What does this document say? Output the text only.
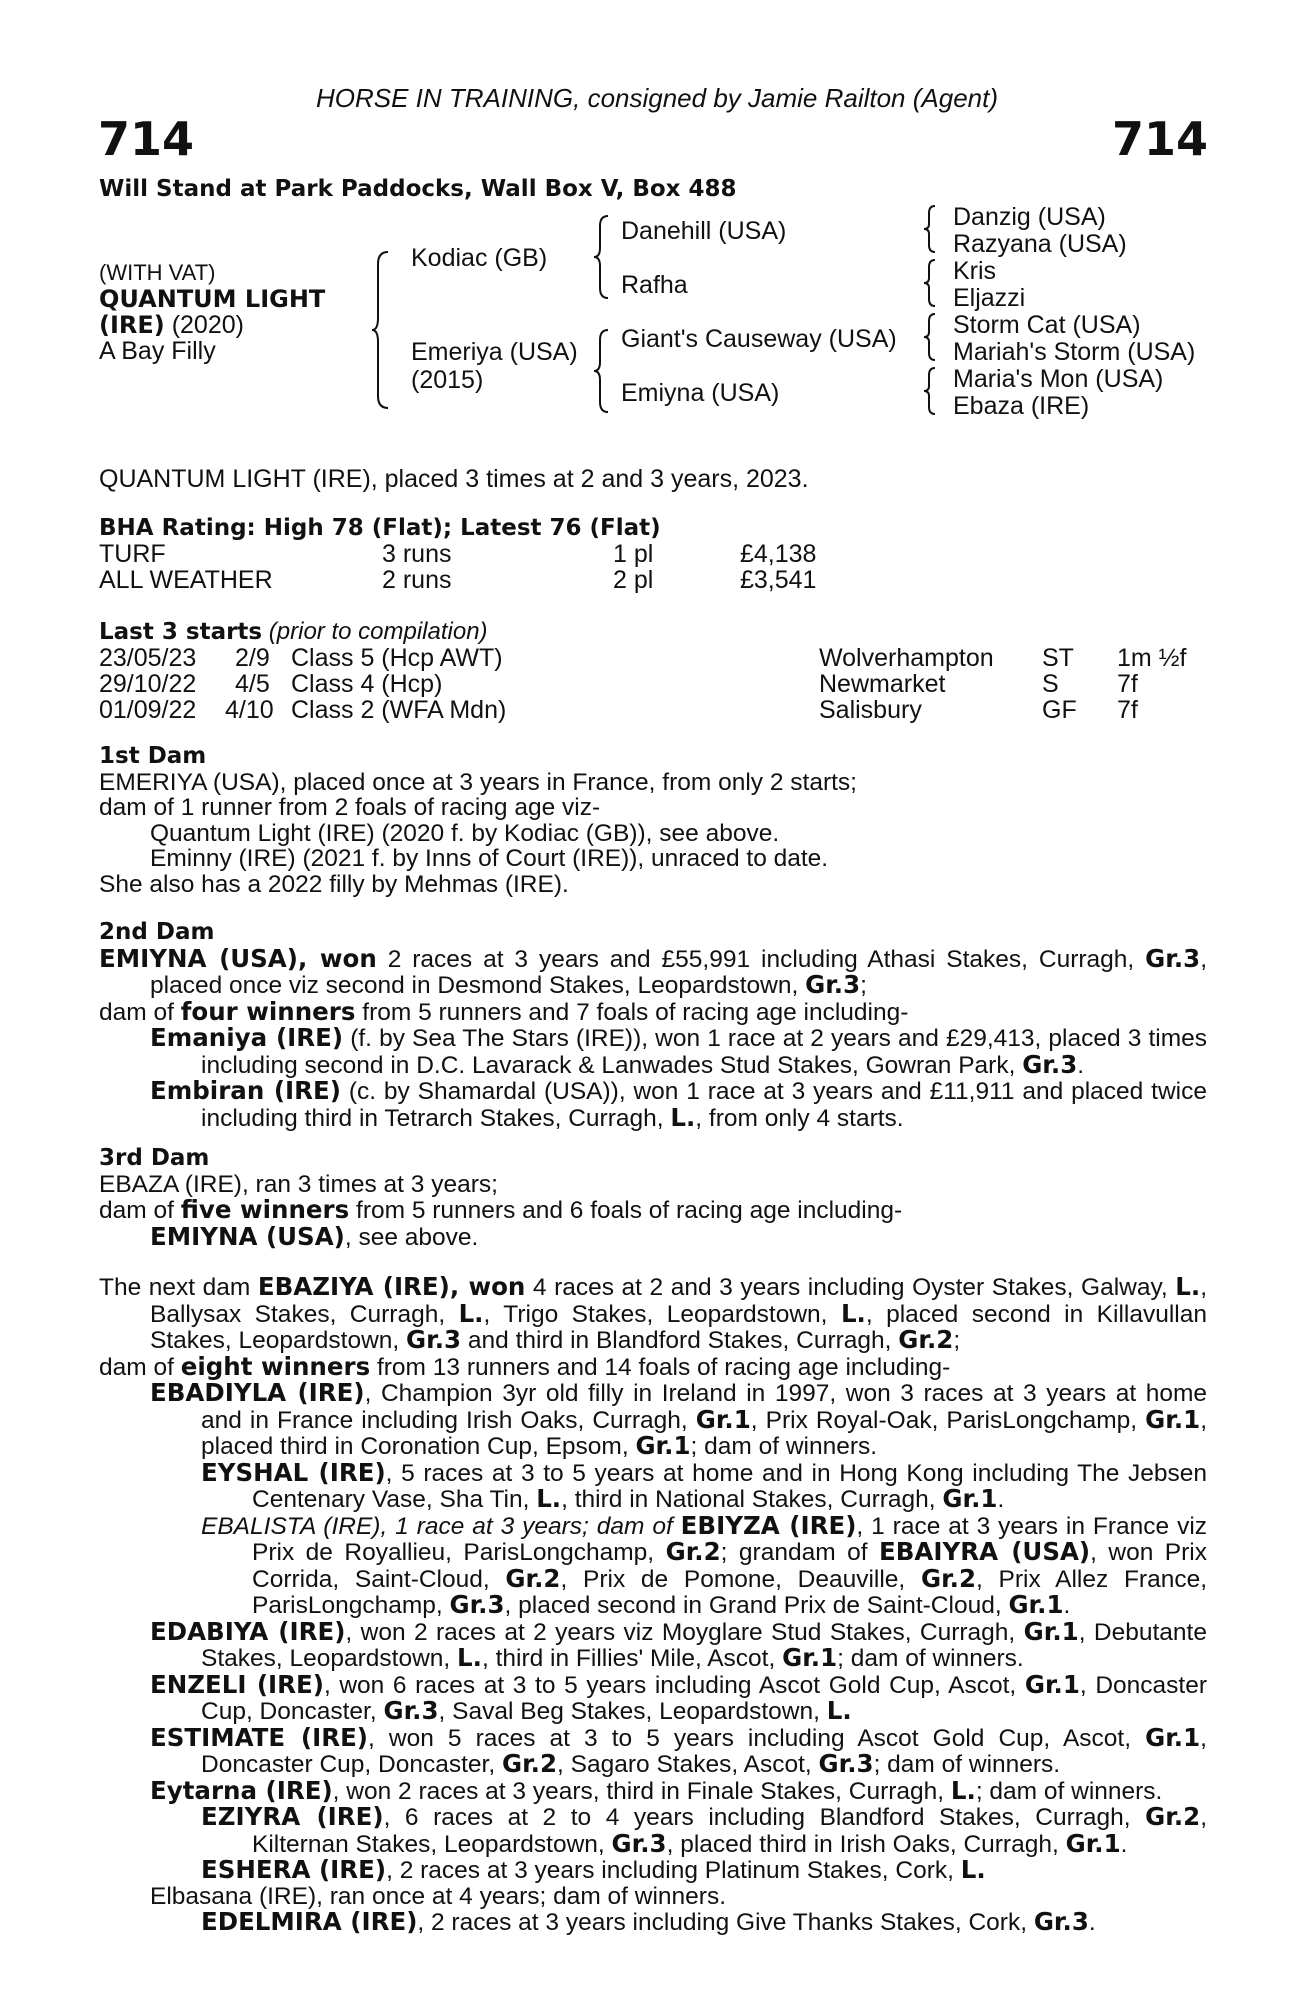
HORSE IN TRAINING, consigned by Jamie Railton (Agent)
714	714
Will Stand at Park Paddocks, Wall Box V, Box 488
(WITH VAT)
QUANTUM LIGHT
(IRE) (2020)
A Bay Filly
Kodiac (GB)
Emeriya (USA)
(2015)
Danehill (USA)
Rafha
Giant's Causeway (USA)
Emiyna (USA)
Danzig (USA)
Razyana (USA)
Kris
Eljazzi
Storm Cat (USA)
Mariah's Storm (USA)
Maria's Mon (USA)
Ebaza (IRE)
QUANTUM LIGHT (IRE), placed 3 times at 2 and 3 years, 2023.
BHA Rating: High 78 (Flat); Latest 76 (Flat)
TURF	3 runs	1 pl	£4,138
ALL WEATHER	2 runs	2 pl	£3,541
Last 3 starts (prior to compilation)
23/05/23 2/9 Class 5 (Hcp AWT)	Wolverhampton ST 1m ½f
29/10/22 4/5 Class 4 (Hcp)	Newmarket	S 7f
01/09/22 4/10 Class 2 (WFA Mdn)	Salisbury	GF 7f

1st Dam

EMERIYA (USA), placed once at 3 years in France, from only 2 starts;

dam of 1 runner from 2 foals of racing age viz-

Quantum Light (IRE) (2020 f. by Kodiac (GB)), see above.

Eminny (IRE) (2021 f. by Inns of Court (IRE)), unraced to date.

She also has a 2022 filly by Mehmas (IRE).

2nd Dam

EMIYNA (USA), won 2 races at 3 years and £55,991 including Athasi Stakes, Curragh, Gr.3, placed once viz second in Desmond Stakes, Leopardstown, Gr.3;

dam of four winners from 5 runners and 7 foals of racing age including-

Emaniya (IRE) (f. by Sea The Stars (IRE)), won 1 race at 2 years and £29,413, placed 3 times including second in D.C. Lavarack & Lanwades Stud Stakes, Gowran Park, Gr.3.

Embiran (IRE) (c. by Shamardal (USA)), won 1 race at 3 years and £11,911 and placed twice including third in Tetrarch Stakes, Curragh, L., from only 4 starts.

3rd Dam

EBAZA (IRE), ran 3 times at 3 years;

dam of five winners from 5 runners and 6 foals of racing age including-

EMIYNA (USA), see above.

The next dam EBAZIYA (IRE), won 4 races at 2 and 3 years including Oyster Stakes, Galway, L., Ballysax Stakes, Curragh, L., Trigo Stakes, Leopardstown, L., placed second in Killavullan Stakes, Leopardstown, Gr.3 and third in Blandford Stakes, Curragh, Gr.2;

dam of eight winners from 13 runners and 14 foals of racing age including-

EBADIYLA (IRE), Champion 3yr old filly in Ireland in 1997, won 3 races at 3 years at home and in France including Irish Oaks, Curragh, Gr.1, Prix Royal-Oak, ParisLongchamp, Gr.1, placed third in Coronation Cup, Epsom, Gr.1; dam of winners.

EYSHAL (IRE), 5 races at 3 to 5 years at home and in Hong Kong including The Jebsen Centenary Vase, Sha Tin, L., third in National Stakes, Curragh, Gr.1.

EBALISTA (IRE), 1 race at 3 years; dam of EBIYZA (IRE), 1 race at 3 years in France viz Prix de Royallieu, ParisLongchamp, Gr.2; grandam of EBAIYRA (USA), won Prix Corrida, Saint-Cloud, Gr.2, Prix de Pomone, Deauville, Gr.2, Prix Allez France, ParisLongchamp, Gr.3, placed second in Grand Prix de Saint-Cloud, Gr.1.

EDABIYA (IRE), won 2 races at 2 years viz Moyglare Stud Stakes, Curragh, Gr.1, Debutante Stakes, Leopardstown, L., third in Fillies' Mile, Ascot, Gr.1; dam of winners.

ENZELI (IRE), won 6 races at 3 to 5 years including Ascot Gold Cup, Ascot, Gr.1, Doncaster Cup, Doncaster, Gr.3, Saval Beg Stakes, Leopardstown, L.

ESTIMATE (IRE), won 5 races at 3 to 5 years including Ascot Gold Cup, Ascot, Gr.1, Doncaster Cup, Doncaster, Gr.2, Sagaro Stakes, Ascot, Gr.3; dam of winners.

Eytarna (IRE), won 2 races at 3 years, third in Finale Stakes, Curragh, L.; dam of winners.

EZIYRA (IRE), 6 races at 2 to 4 years including Blandford Stakes, Curragh, Gr.2, Kilternan Stakes, Leopardstown, Gr.3, placed third in Irish Oaks, Curragh, Gr.1.

ESHERA (IRE), 2 races at 3 years including Platinum Stakes, Cork, L.

Elbasana (IRE), ran once at 4 years; dam of winners.

EDELMIRA (IRE), 2 races at 3 years including Give Thanks Stakes, Cork, Gr.3.
